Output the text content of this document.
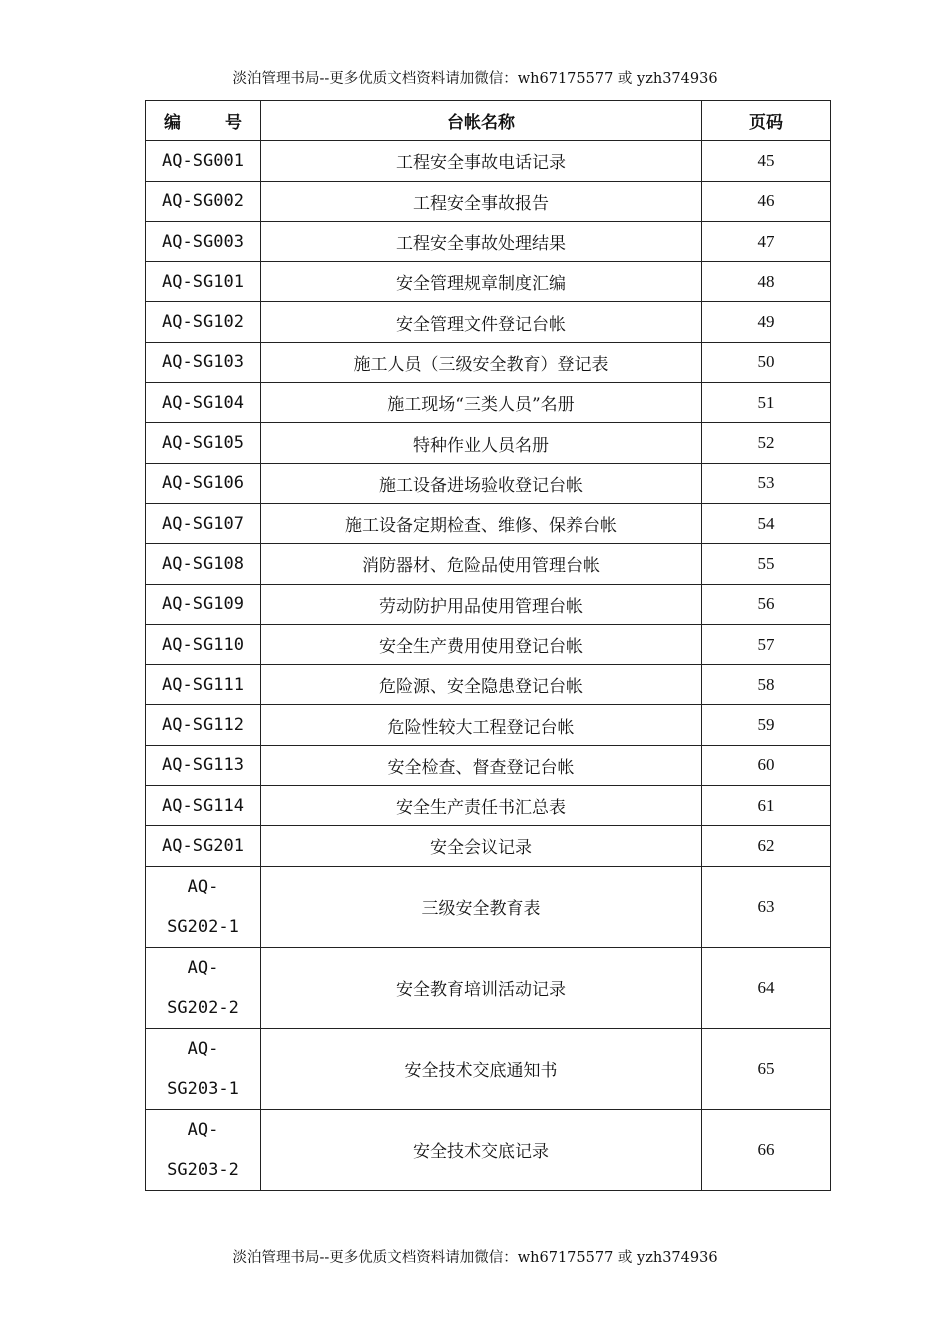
淡泊管理书局--更多优质文档资料请加微信：wh67175577 或 yzh374936
编 号	台帐名称	页码
AQ-SG001	工程安全事故电话记录	45
AQ-SG002	工程安全事故报告	46
AQ-SG003	工程安全事故处理结果	47
AQ-SG101	安全管理规章制度汇编	48
AQ-SG102	安全管理文件登记台帐	49
AQ-SG103	施工人员（三级安全教育）登记表	50
AQ-SG104	施工现场“三类人员”名册	51
AQ-SG105	特种作业人员名册	52
AQ-SG106	施工设备进场验收登记台帐	53
AQ-SG107	施工设备定期检查、维修、保养台帐	54
AQ-SG108	消防器材、危险品使用管理台帐	55
AQ-SG109	劳动防护用品使用管理台帐	56
AQ-SG110	安全生产费用使用登记台帐	57
AQ-SG111	危险源、安全隐患登记台帐	58
AQ-SG112	危险性较大工程登记台帐	59
AQ-SG113	安全检查、督查登记台帐	60
AQ-SG114	安全生产责任书汇总表	61
AQ-SG201	安全会议记录	62

AQ-
SG202-1	三级安全教育表	63

AQ-
SG202-2	安全教育培训活动记录	64

AQ-
SG203-1	安全技术交底通知书	65

AQ-
SG203-2	安全技术交底记录	66
淡泊管理书局--更多优质文档资料请加微信：wh67175577 或 yzh374936
